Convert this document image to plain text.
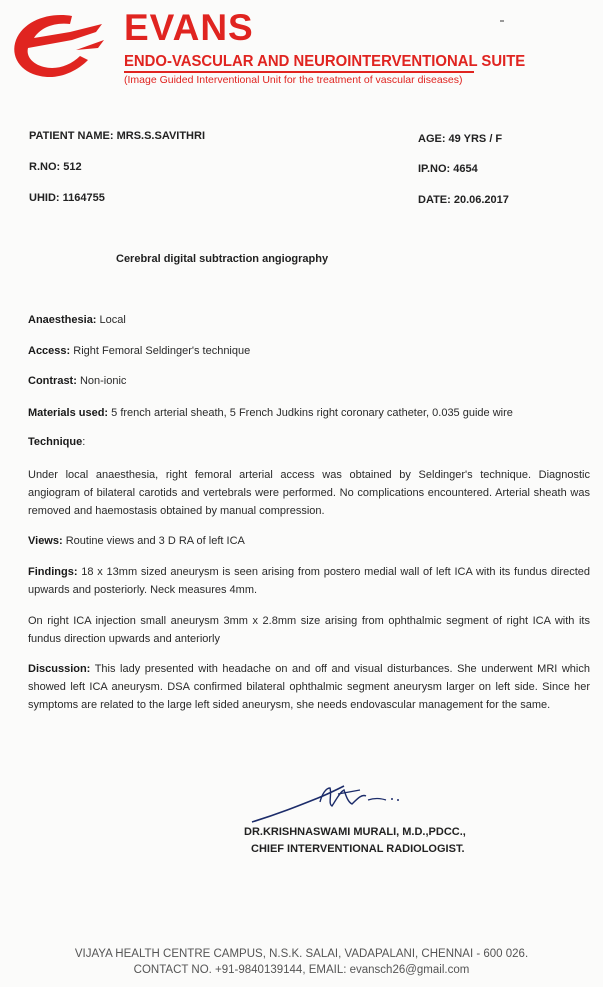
EVANS
ENDO-VASCULAR AND NEUROINTERVENTIONAL SUITE
(Image Guided Interventional Unit for the treatment of vascular diseases)
PATIENT NAME: MRS.S.SAVITHRI	AGE: 49 YRS / F
R.NO: 512	IP.NO: 4654
UHID: 1164755	DATE: 20.06.2017
Cerebral digital subtraction angiography
Anaesthesia: Local
Access: Right Femoral Seldinger's technique
Contrast: Non-ionic
Materials used: 5 french arterial sheath, 5 French Judkins right coronary catheter, 0.035 guide wire
Technique:
Under local anaesthesia, right femoral arterial access was obtained by Seldinger's technique. Diagnostic angiogram of bilateral carotids and vertebrals were performed. No complications encountered. Arterial sheath was removed and haemostasis obtained by manual compression.
Views: Routine views and 3 D RA of left ICA
Findings: 18 x 13mm sized aneurysm is seen arising from postero medial wall of left ICA with its fundus directed upwards and posteriorly. Neck measures 4mm.
On right ICA injection small aneurysm 3mm x 2.8mm size arising from ophthalmic segment of right ICA with its fundus direction upwards and anteriorly
Discussion: This lady presented with headache on and off and visual disturbances. She underwent MRI which showed left ICA aneurysm. DSA confirmed bilateral ophthalmic segment aneurysm larger on left side. Since her symptoms are related to the large left sided aneurysm, she needs endovascular management for the same.
DR.KRISHNASWAMI MURALI, M.D.,PDCC.,
CHIEF INTERVENTIONAL RADIOLOGIST.
VIJAYA HEALTH CENTRE CAMPUS, N.S.K. SALAI, VADAPALANI, CHENNAI - 600 026.
CONTACT NO. +91-9840139144, EMAIL: evansch26@gmail.com
